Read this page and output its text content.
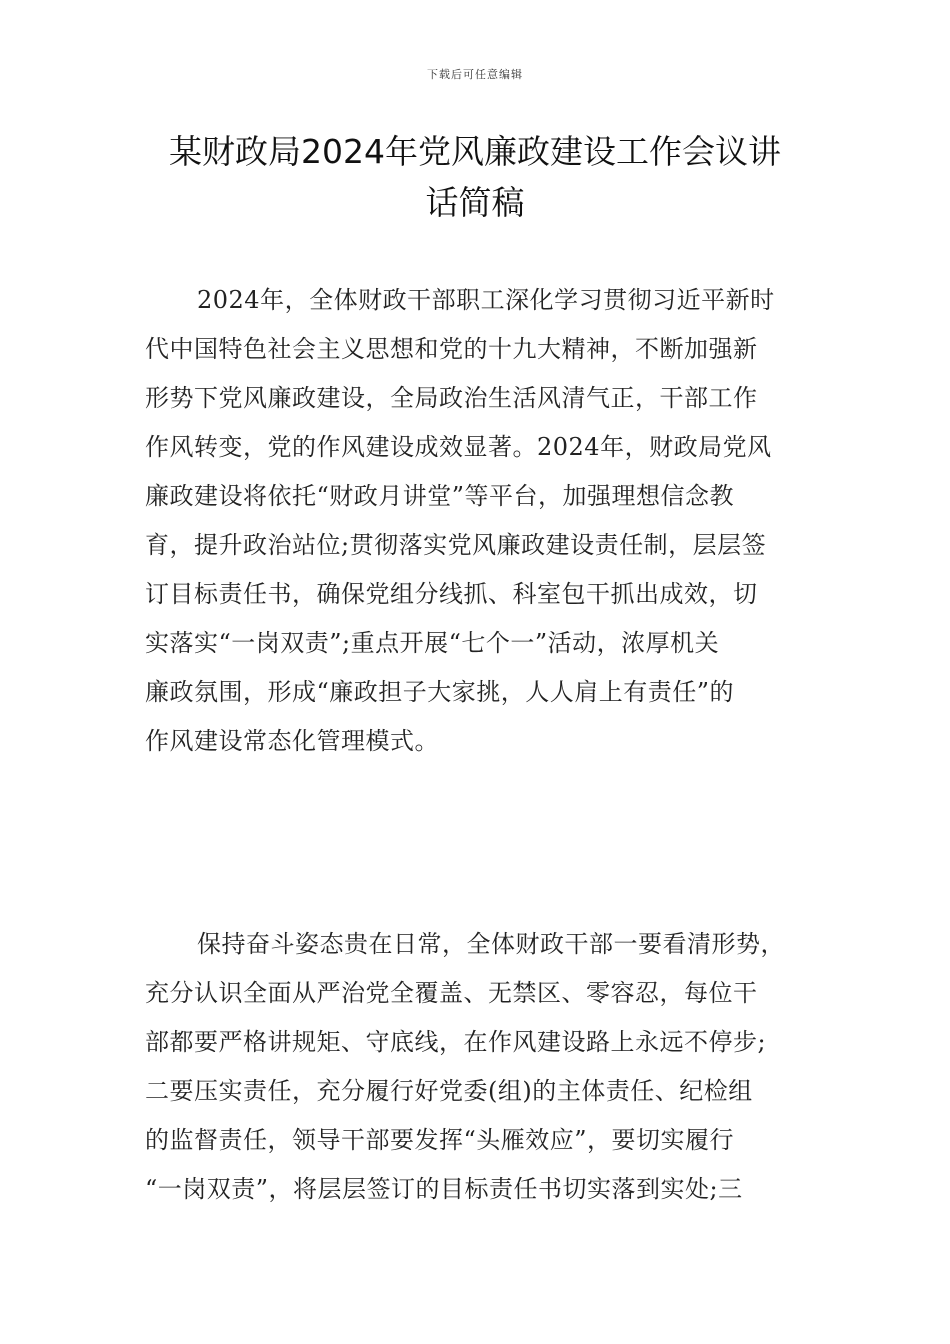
下载后可任意编辑
某财政局2024年党风廉政建设工作会议讲
话简稿
2024年，全体财政干部职工深化学习贯彻习近平新时
代中国特色社会主义思想和党的十九大精神，不断加强新
形势下党风廉政建设，全局政治生活风清气正，干部工作
作风转变，党的作风建设成效显著。2024年，财政局党风
廉政建设将依托“财政月讲堂”等平台，加强理想信念教
育，提升政治站位;贯彻落实党风廉政建设责任制，层层签
订目标责任书，确保党组分线抓、科室包干抓出成效，切
实落实“一岗双责”;重点开展“七个一”活动，浓厚机关
廉政氛围，形成“廉政担子大家挑，人人肩上有责任”的
作风建设常态化管理模式。
保持奋斗姿态贵在日常，全体财政干部一要看清形势，
充分认识全面从严治党全覆盖、无禁区、零容忍，每位干
部都要严格讲规矩、守底线，在作风建设路上永远不停步;
二要压实责任，充分履行好党委(组)的主体责任、纪检组
的监督责任，领导干部要发挥“头雁效应”，要切实履行
“一岗双责”，将层层签订的目标责任书切实落到实处;三
